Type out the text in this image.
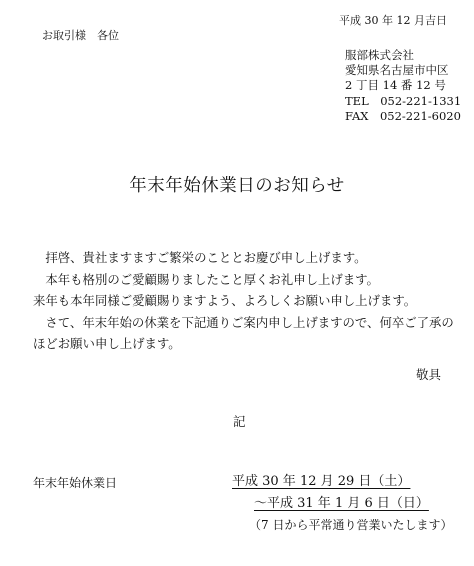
平成 30 年 12 月吉日
お取引様　各位
服部株式会社
愛知県名古屋市中区
2 丁目 14 番 12 号
TEL　052-221-1331
FAX　052-221-6020
年末年始休業日のお知らせ
　拝啓、貴社ますますご繁栄のこととお慶び申し上げます。
　本年も格別のご愛顧賜りましたこと厚くお礼申し上げます。
来年も本年同様ご愛顧賜りますよう、よろしくお願い申し上げます。
　さて、年末年始の休業を下記通りご案内申し上げますので、何卒ご了承の
ほどお願い申し上げます。
敬具
記
年末年始休業日	平成 30 年 12 月 29 日（土）
～平成 31 年 1 月 6 日（日）
（7 日から平常通り営業いたします）
